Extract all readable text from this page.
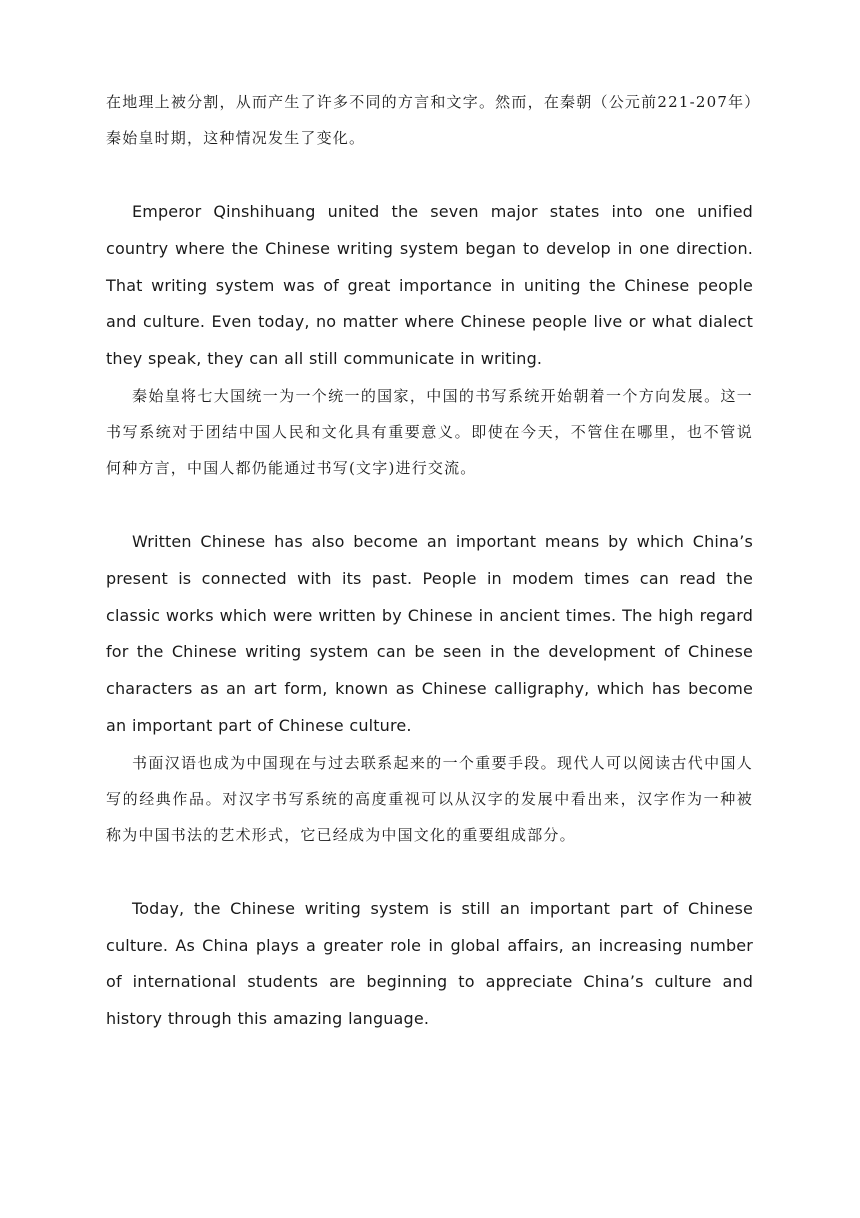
在地理上被分割，从而产生了许多不同的方言和文字。然而，在秦朝（公元前221-207年）秦始皇时期，这种情况发生了变化。

Emperor Qinshihuang united the seven major states into one unified country where the Chinese writing system began to develop in one direction. That writing system was of great importance in uniting the Chinese people and culture. Even today, no matter where Chinese people live or what dialect they speak, they can all still communicate in writing.

秦始皇将七大国统一为一个统一的国家，中国的书写系统开始朝着一个方向发展。这一书写系统对于团结中国人民和文化具有重要意义。即使在今天，不管住在哪里，也不管说何种方言，中国人都仍能通过书写(文字)进行交流。

Written Chinese has also become an important means by which China’s present is connected with its past. People in modem times can read the classic works which were written by Chinese in ancient times. The high regard for the Chinese writing system can be seen in the development of Chinese characters as an art form, known as Chinese calligraphy, which has become an important part of Chinese culture.

书面汉语也成为中国现在与过去联系起来的一个重要手段。现代人可以阅读古代中国人写的经典作品。对汉字书写系统的高度重视可以从汉字的发展中看出来，汉字作为一种被称为中国书法的艺术形式，它已经成为中国文化的重要组成部分。

Today, the Chinese writing system is still an important part of Chinese culture. As China plays a greater role in global affairs, an increasing number of international students are beginning to appreciate China’s culture and history through this amazing language.
